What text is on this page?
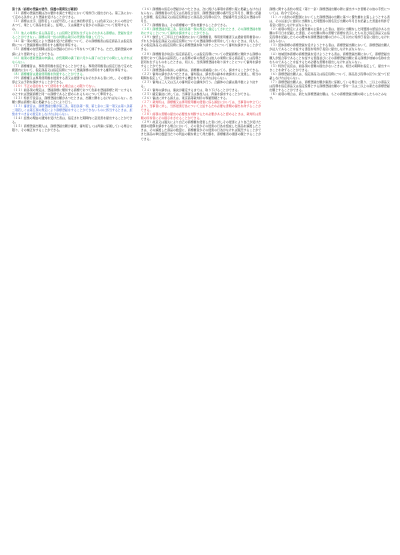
第十条（商標の登録の要件、保護の期間及び範囲）

（１）商標の登録出願は次の要件を満たす場合において特許庁に提出される。第三条において定める条件により登録を受けることができる。

（２）商標は文字、図形若しくは記号若しくは立体的形状若しくは色彩又はこれらの結合であつて、業として商品を生産し、証明し、又は譲渡する者がその商品について使用するもの。

（３）他人の業務に係る商品若しくは役務と混同を生ずるおそれがある商標は、登録を受けることができない。商標の同一性の判断は取引の実情を考慮して行う。

（４）第一項の規定により登録を受けた商標について、その商標権者は指定商品又は指定役務について登録商標の使用をする権利を専有する。

（５）商標権の存続期間は設定の登録の日から十年をもつて終了する。ただし更新登録の申請により更新することができる。

（６）前項の更新登録の申請は、存続期間の満了前六月から満了の日までの間にしなければならない。

（７）商標権者は、専用使用権を設定することができる。専用使用権者は設定行為で定めた範囲内において、指定商品又は指定役務について登録商標の使用をする権利を専有する。

（８）商標権者は通常使用権を許諾することができる。

（９）商標権又は専用使用権を侵害する者又は侵害するおそれがある者に対し、その侵害の停止又は予防を請求することができる。

（１０）不正の目的をもつて使用をする場合はこの限りでない。

（１１）前各項の規定は、登録商標に類似する商標であつて色彩を登録商標と同一にするものとすれば登録商標と同一の商標であると認められるものについて準用する。

（１２）特許庁長官は、商標登録出願があつたときは、出願公開をしなければならない。出願公開は商標公報に掲載することにより行う。

（１３）審査官は、商標登録出願が第三条、第四条第一項、第七条の二第一項又は第八条第二項若しくは第五項の規定により商標登録をすることができないものに該当するときは、拒絶をすべき旨の査定をしなければならない。

（１４）拒絶の理由の通知を受けた者は、指定された期間内に意見書を提出することができる。

（１５）商標登録出願人は、商標登録出願が審査、審判若しくは再審に係属している場合に限り、その補正をすることができる。

（１６）商標権の設定の登録があつたときは、次に掲げる事項を商標公報に掲載しなければならない。商標権者の氏名又は名称及び住所、商標登録出願の番号及び年月日、願書に記載した商標、指定商品又は指定役務並びに商品及び役務の区分、登録番号及び設定の登録の年月日。

（１７）商標権者は、その商標権の一部を放棄することができる。

（１８）商標登録が第三条、第四条第一項の規定に違反してされたとき、その商標登録を無効にすることについて審判を請求することができる。

（１９）継続して三年以上日本国内において商標権者、専用使用権者又は通常使用権者のいずれもが各指定商品又は指定役務についての登録商標の使用をしていないときは、何人も、その指定商品又は指定役務に係る商標登録を取り消すことについて審判を請求することができる。

（２０）商標権者が故意に指定商品若しくは指定役務についての登録商標に類似する商標の使用であつて商品の品質若しくは役務の質の誤認又は他人の業務に係る商品若しくは役務と混同を生ずるものをしたときは、何人も、当該商標登録を取り消すことについて審判を請求することができる。

（２１）商標登録の取消しの審判は、商標権の消滅後においても、請求することができる。

（２２）審判の請求があつたときは、審判長は、請求書の副本を被請求人に送達し、相当の期間を指定して、答弁書を提出する機会を与えなければならない。

（２３）審判は三人又は五人の審判官の合議体が行う。合議体の合議は過半数により決する。

（２４）審判の請求は、審決が確定するまでは、取り下げることができる。

（２５）確定審決に対しては、当事者又は参加人は、再審を請求することができる。

（２６）審決に対する訴えは、東京高等裁判所の専属管轄とする。

（２７）裁判所は、商標権又は専用使用権の侵害に係る訴訟においては、当事者の申立てにより、当事者に対し、当該侵害行為について立証するため必要な書類の提出を命ずることができる。

（２８）前項の書類の提出の必要性を判断するため必要があると認めるときは、裁判所は書類の所持者にその提示をさせることができる。

（２９）故意又は過失により自己の商標権を侵害した者に対しその侵害により自己が受けた損害の賠償を請求する場合において、その者がその侵害の行為を組成した商品を譲渡したときは、その譲渡した商品の数量に、商標権者がその侵害の行為がなければ販売することができた商品の単位数量当たりの利益の額を乗じて得た額を、商標権者の損害の額とすることができる。

商標に関する条約の規定（第十一条）商標登録出願の際に提出すべき書類その他の手続については、政令で定める。

（１）パリ条約の同盟国においてした商標登録の出願に基づく優先権を主張しようとする者は、その旨並びに最初に出願をした同盟国の国名及び出願の年月日を記載した書面を特許庁長官に提出しなければならない。

（２）前項の規定による優先権の主張をした者は、最初に出願をした同盟国の認証がある出願の年月日を記載した書面、その出願の際の書類で商標を表示したもの及び指定商品又は指定役務を記載したものの謄本を商標登録出願の日から三月以内に特許庁長官に提出しなければならない。

（３）団体商標の商標登録を受けようとする者は、商標登録出願において、商標登録出願人が法人であることを証する書面を特許庁長官に提出しなければならない。

（４）地域団体商標の商標登録を受けようとする者は、商標登録出願において、商標登録出願人が組合等であることを証する書面並びにその商標登録出願に係る商標が地域の名称を含むものであることを証するため必要な書類を提出しなければならない。

（５）特許庁長官は、前各項の書類の提出がないときは、相当の期間を指定して、提出すべきことを命ずることができる。

（６）商標登録出願人は、指定商品又は指定役務について、商品及び役務の区分に従つて記載しなければならない。

（７）商標登録出願人は、商標登録出願が審査に係属している場合に限り、二以上の商品又は役務を指定商品又は指定役務とする商標登録出願の一部を一又は二以上の新たな商標登録出願とすることができる。

（８）前項の場合は、新たな商標登録出願は、もとの商標登録出願の時にしたものとみなす。
